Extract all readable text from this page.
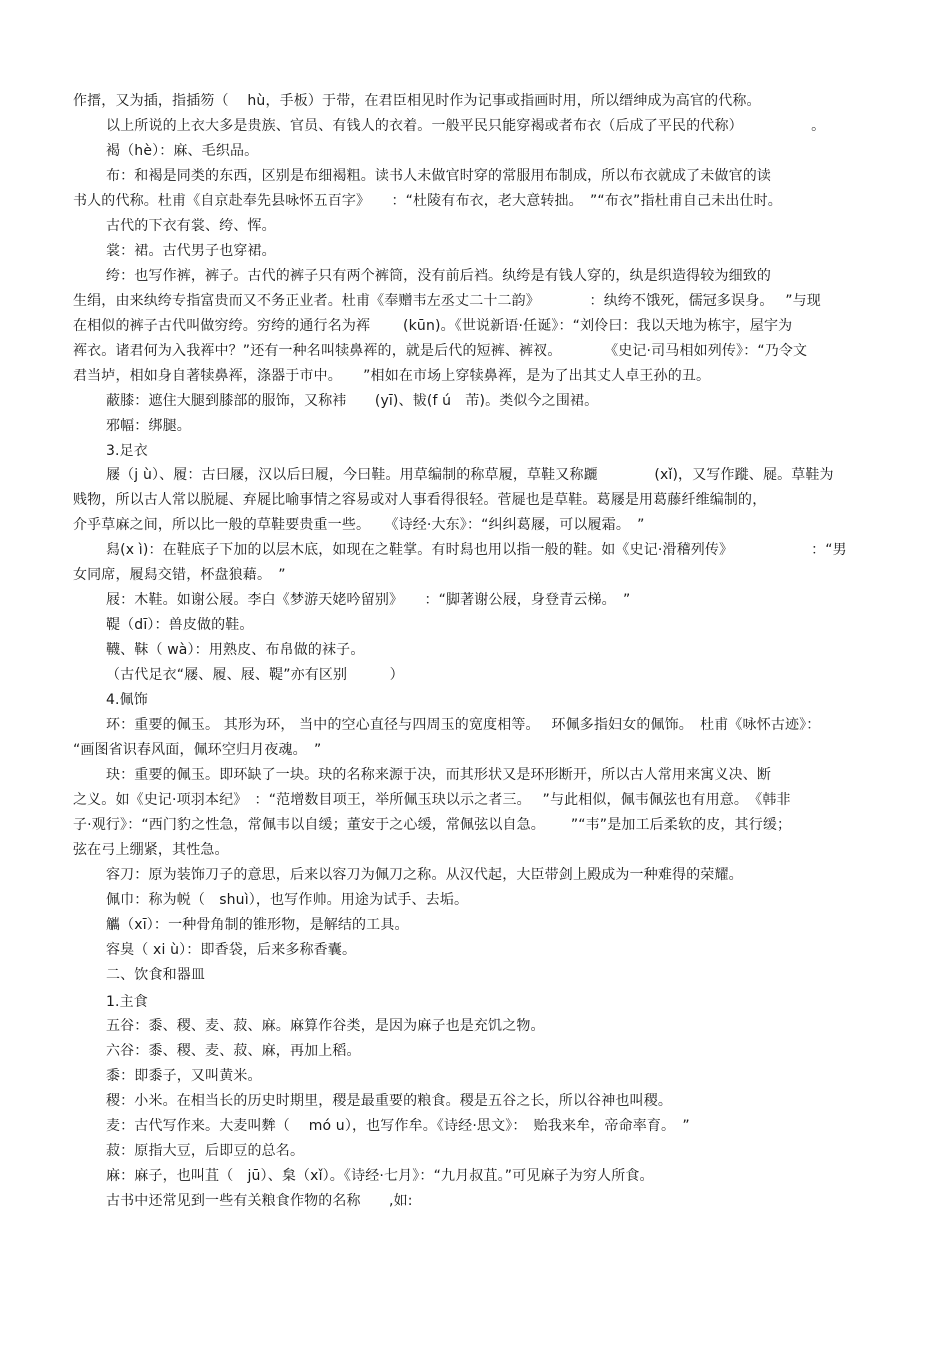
作搢，又为插，指插笏（　 hù，手板）于带，在君臣相见时作为记事或指画时用，所以缙绅成为高官的代称。
以上所说的上衣大多是贵族、官员、有钱人的衣着。一般平民只能穿褐或者布衣（后成了平民的代称）　　　　　 。
褐（hè）：麻、毛织品。
布：和褐是同类的东西，区别是布细褐粗。读书人未做官时穿的常服用布制成，所以布衣就成了未做官的读
书人的代称。杜甫《自京赴奉先县咏怀五百字》　　：“杜陵有布衣，老大意转拙。　”“布衣”指杜甫自己未出仕时。
古代的下衣有裳、绔、恽。
裳：裙。古代男子也穿裙。
绔：也写作裤，裤子。古代的裤子只有两个裤筒，没有前后裆。纨绔是有钱人穿的，纨是织造得较为细致的
生绢，由来纨绔专指富贵而又不务正业者。杜甫《奉赠韦左丞丈二十二韵》　　　　：纨绔不饿死，儒冠多误身。　 ”与现
在相似的裤子古代叫做穷绔。穷绔的通行名为裈　　 (kūn)。《世说新语·任诞》：“刘伶曰：我以天地为栋宇，屋宇为
裈衣。诸君何为入我裈中？”还有一种名叫犊鼻裈的，就是后代的短裤、裤衩。　　　　《史记·司马相如列传》：“乃令文
君当垆，相如身自著犊鼻裈，涤器于市中。　　”相如在市场上穿犊鼻裈，是为了出其丈人卓王孙的丑。
蔽膝：遮住大腿到膝部的服饰，又称袆　　(yī)、韨(f ú　芾)。类似今之围裙。
邪幅：绑腿。
3.足衣
屦（j ù）、履：古曰屦，汉以后曰履，今曰鞋。用草编制的称草履，草鞋又称躧　　　　(xǐ)，又写作蹝、屣。草鞋为
贱物，所以古人常以脱屣、弃屣比喻事情之容易或对人事看得很轻。菅屣也是草鞋。葛屦是用葛藤纤维编制的，
介乎草麻之间，所以比一般的草鞋要贵重一些。　　《诗经·大东》：“纠纠葛屦，可以履霜。　”
舄(x ì)：在鞋底子下加的以层木底，如现在之鞋掌。有时舄也用以指一般的鞋。如《史记·滑稽列传》　　　　　　：“男
女同席，履舄交错，杯盘狼藉。　”
屐：木鞋。如谢公屐。李白《梦游天姥吟留别》　　：“脚著谢公屐，身登青云梯。　”
鞮（dī）：兽皮做的鞋。
韈、靺（ wà）：用熟皮、布帛做的袜子。
（古代足衣“屦、履、屐、鞮”亦有区别　　　）
4.佩饰
环：重要的佩玉。 其形为环， 当中的空心直径与四周玉的宽度相等。　 环佩多指妇女的佩饰。　杜甫《咏怀古迹》：
“画图省识春风面，佩环空归月夜魂。　”
玦：重要的佩玉。即环缺了一块。玦的名称来源于决，而其形状又是环形断开，所以古人常用来寓义决、断
之义。如《史记·项羽本纪》　：“范增数目项王，举所佩玉玦以示之者三。　 ”与此相似，佩韦佩弦也有用意。　《韩非
子·观行》：“西门豹之性急，常佩韦以自缓；董安于之心缓，常佩弦以自急。　　 ”“韦”是加工后柔软的皮，其行缓；
弦在弓上绷紧，其性急。
容刀：原为装饰刀子的意思，后来以容刀为佩刀之称。从汉代起，大臣带剑上殿成为一种难得的荣耀。
佩巾：称为帨（　shuì），也写作帅。用途为试手、去垢。
觿（xī）：一种骨角制的锥形物，是解结的工具。
容臭（ xi ù）：即香袋，后来多称香囊。
二、饮食和器皿
1.主食
五谷：黍、稷、麦、菽、麻。麻算作谷类，是因为麻子也是充饥之物。
六谷：黍、稷、麦、菽、麻，再加上稻。
黍：即黍子，又叫黄米。
稷：小米。在相当长的历史时期里，稷是最重要的粮食。稷是五谷之长，所以谷神也叫稷。
麦：古代写作来。大麦叫麰（　 mó u），也写作牟。《诗经·思文》：　贻我来牟，帝命率育。　”
菽：原指大豆，后即豆的总名。
麻：麻子，也叫苴（　jū）、枲（xǐ）。《诗经·七月》：“九月叔苴。”可见麻子为穷人所食。
古书中还常见到一些有关粮食作物的名称　　,如:
